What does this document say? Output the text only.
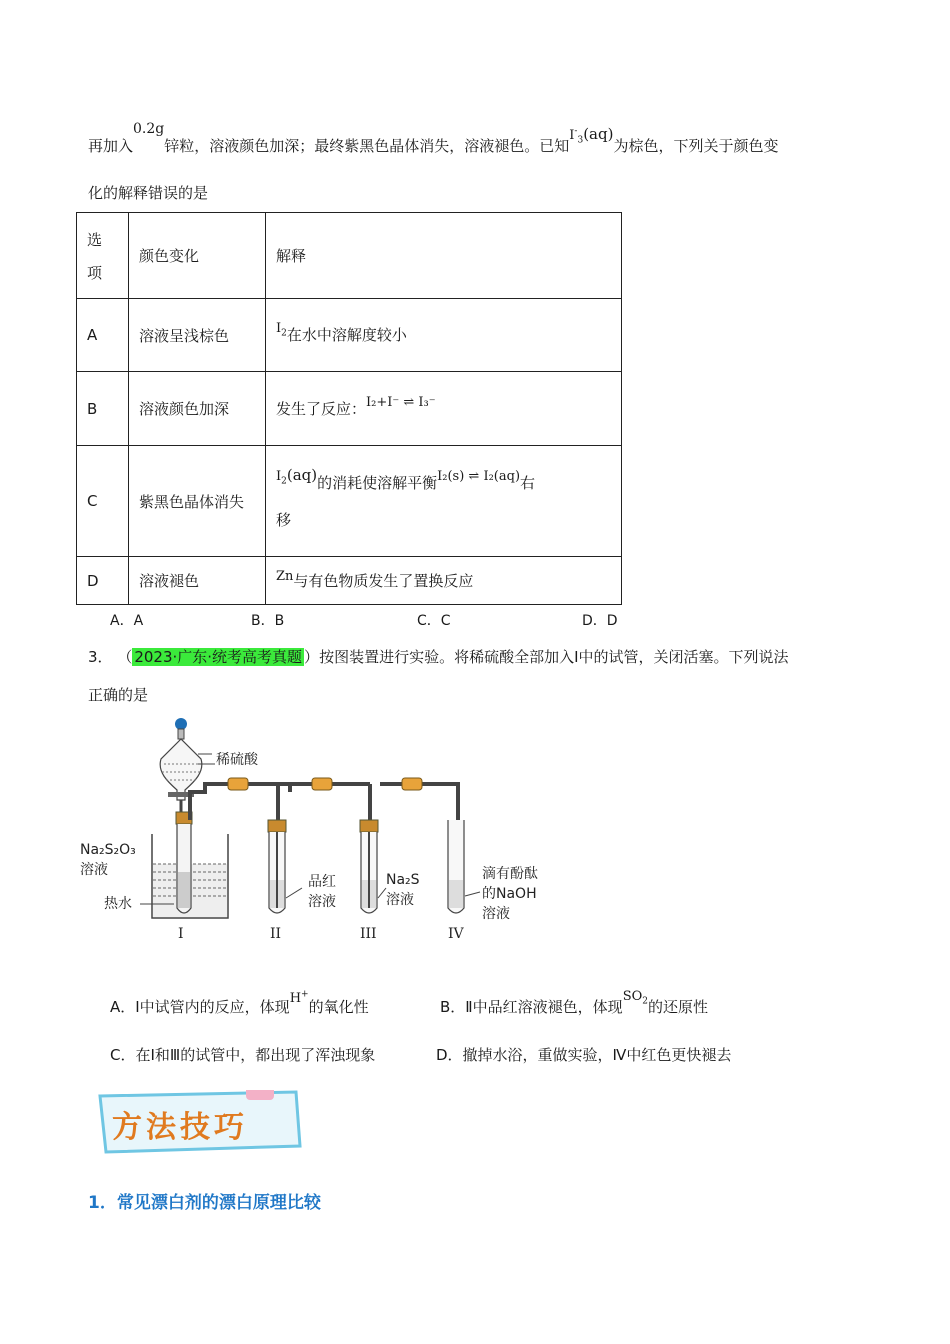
再加入$^{0.2g}$锌粒，溶液颜色加深；最终紫黑色晶体消失，溶液褪色。已知$I^-_3(aq)$为棕色，下列关于颜色变
化的解释错误的是
选
项	颜色变化	解释
A	溶液呈浅棕色	$I_2$在水中溶解度较小
B	溶液颜色加深	发生了反应：I₂+I⁻ ⇌ I₃⁻
C	紫黑色晶体消失	$I_2(aq)$的消耗使溶解平衡I₂(s) ⇌ I₂(aq)右
移

D	溶液褪色	Zn与有色物质发生了置换反应
A．A	B．B	C．C	D．D
3． （ 2023·广东·统考高考真题 ）按图装置进行实验。将稀硫酸全部加入Ⅰ中的试管，关闭活塞。下列说法
正确的是
稀硫酸
Na₂S₂O₃
溶液
热水
品红
溶液
Na₂S
溶液
滴有酚酞
的NaOH
溶液
I	II	III	IV
A．Ⅰ中试管内的反应，体现H+的氧化性	B．Ⅱ中品红溶液褪色，体现$SO_2$的还原性
C．在Ⅰ和Ⅲ的试管中，都出现了浑浊现象	D．撤掉水浴，重做实验，Ⅳ中红色更快褪去
方法技巧
1．常见漂白剂的漂白原理比较
